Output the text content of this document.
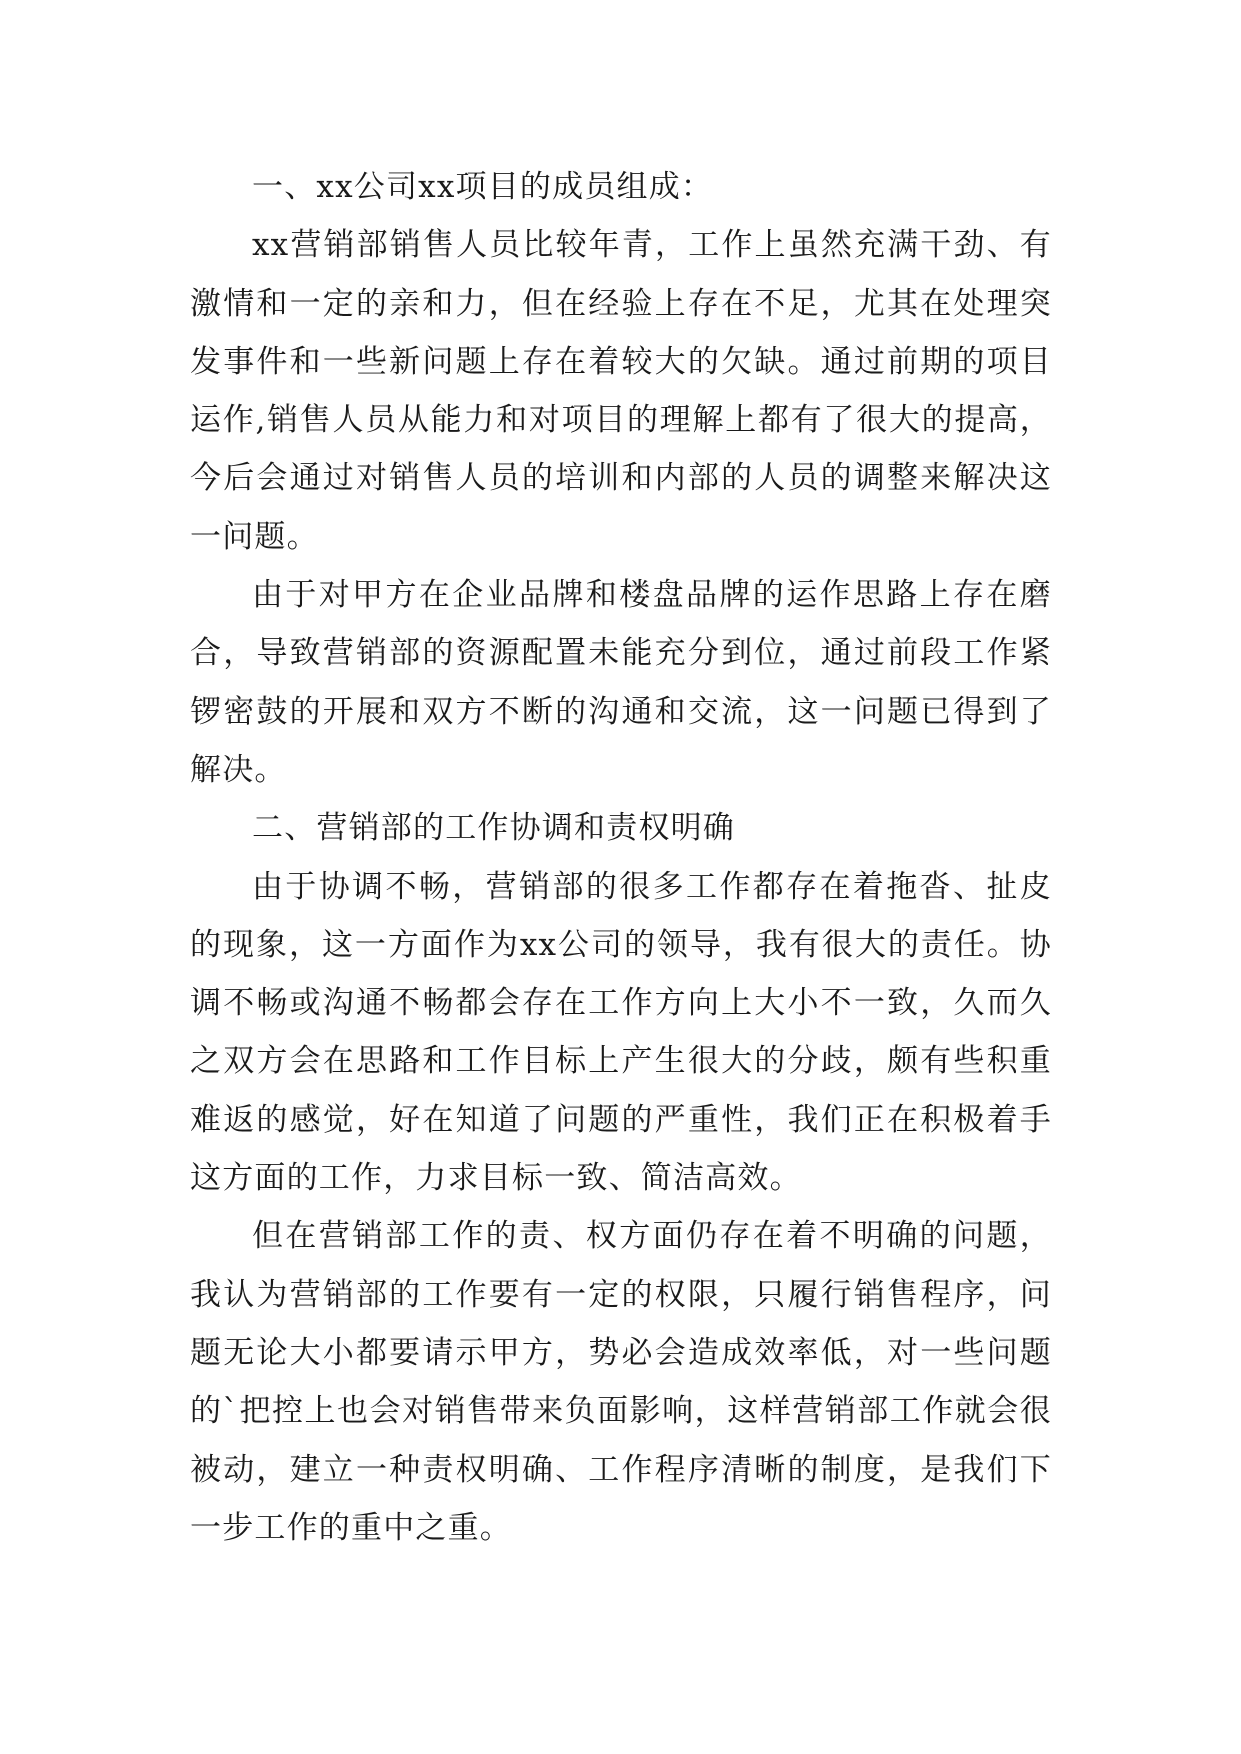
一、xx公司xx项目的成员组成：

xx营销部销售人员比较年青，工作上虽然充满干劲、有激情和一定的亲和力，但在经验上存在不足，尤其在处理突发事件和一些新问题上存在着较大的欠缺。通过前期的项目运作,销售人员从能力和对项目的理解上都有了很大的提高，今后会通过对销售人员的培训和内部的人员的调整来解决这一问题。

由于对甲方在企业品牌和楼盘品牌的运作思路上存在磨合，导致营销部的资源配置未能充分到位，通过前段工作紧锣密鼓的开展和双方不断的沟通和交流，这一问题已得到了解决。

二、营销部的工作协调和责权明确

由于协调不畅，营销部的很多工作都存在着拖沓、扯皮的现象，这一方面作为xx公司的领导，我有很大的责任。协调不畅或沟通不畅都会存在工作方向上大小不一致，久而久之双方会在思路和工作目标上产生很大的分歧，颇有些积重难返的感觉，好在知道了问题的严重性，我们正在积极着手这方面的工作，力求目标一致、简洁高效。

但在营销部工作的责、权方面仍存在着不明确的问题，我认为营销部的工作要有一定的权限，只履行销售程序，问题无论大小都要请示甲方，势必会造成效率低，对一些问题的`把控上也会对销售带来负面影响，这样营销部工作就会很被动，建立一种责权明确、工作程序清晰的制度，是我们下一步工作的重中之重。
